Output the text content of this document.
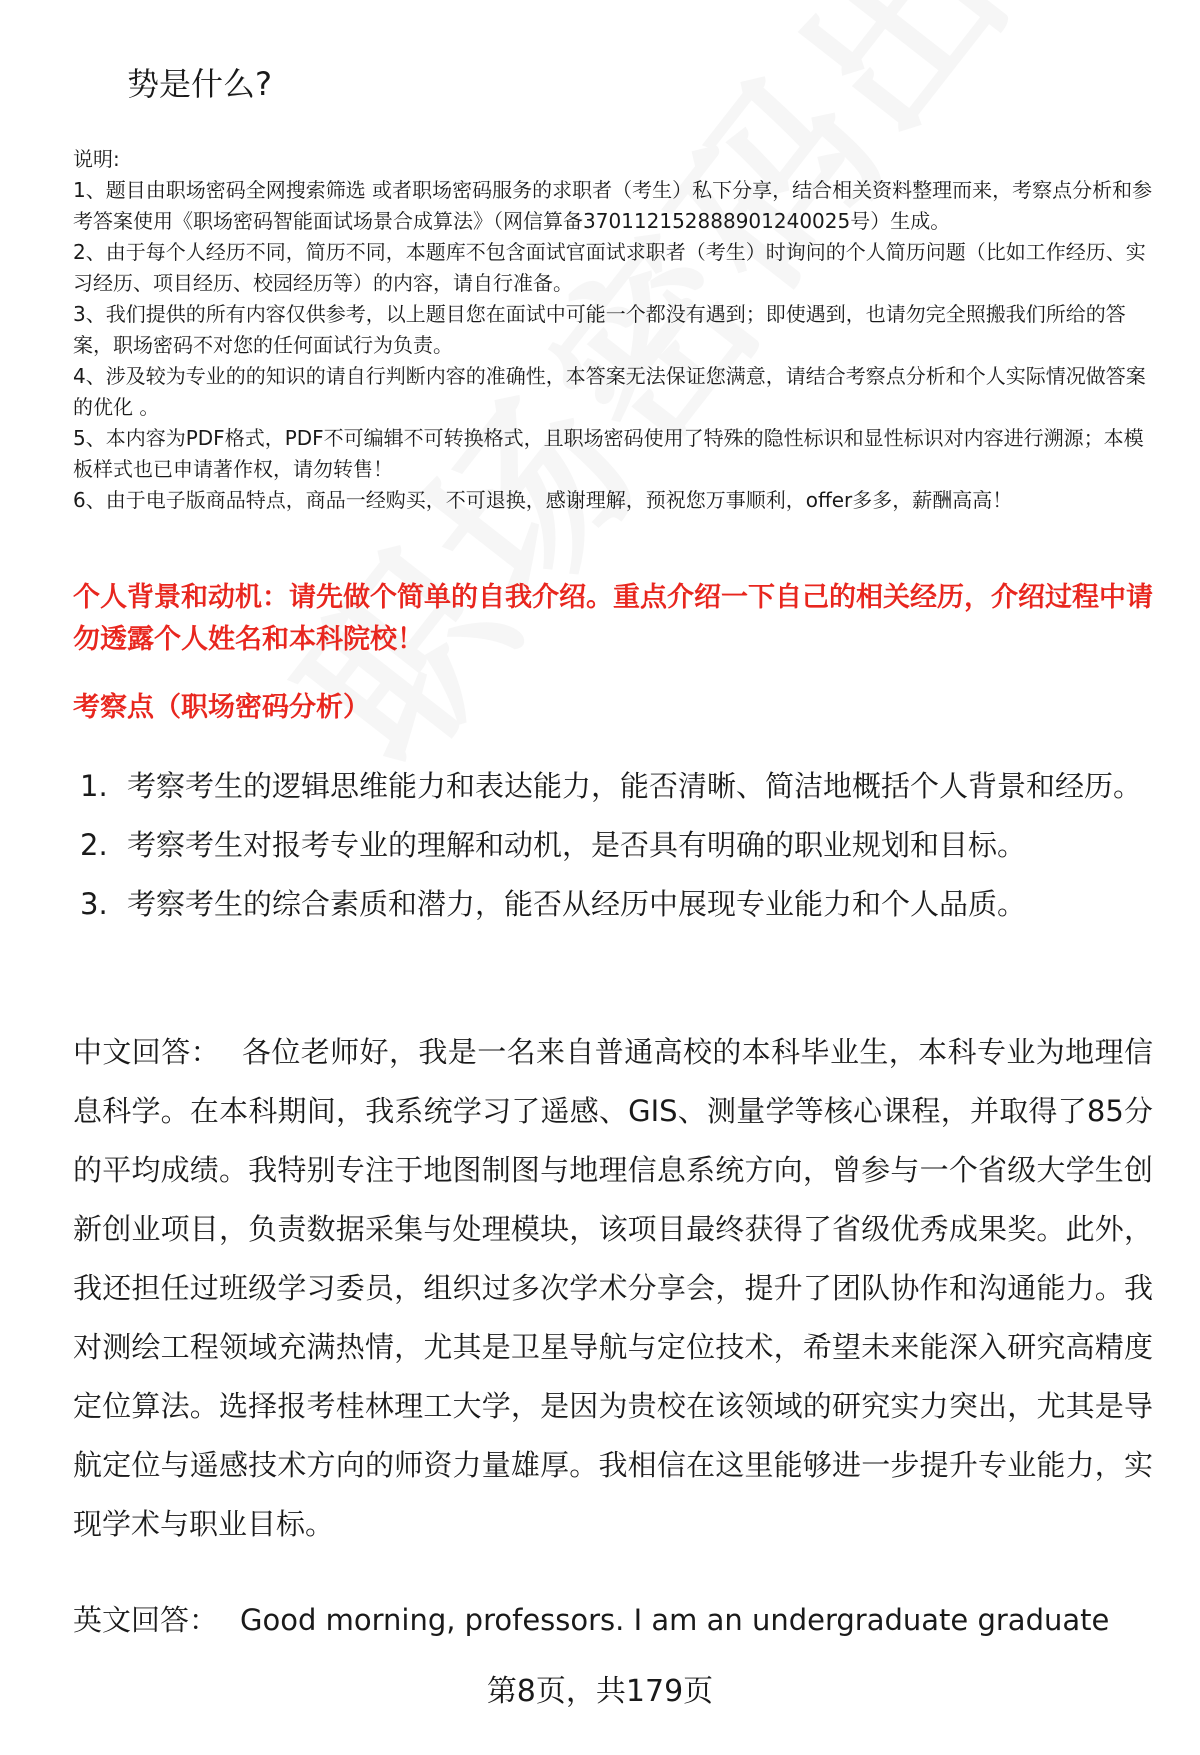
势是什么?

说明:

1、题目由职场密码全网搜索筛选 或者职场密码服务的求职者（考生）私下分享，结合相关资料整理而来，考察点分析和参考答案使用《职场密码智能面试场景合成算法》（网信算备370112152888901240025号）生成。

2、由于每个人经历不同，简历不同，本题库不包含面试官面试求职者（考生）时询问的个人简历问题（比如工作经历、实习经历、项目经历、校园经历等）的内容，请自行准备。

3、我们提供的所有内容仅供参考，以上题目您在面试中可能一个都没有遇到；即使遇到，也请勿完全照搬我们所给的答案，职场密码不对您的任何面试行为负责。

4、涉及较为专业的的知识的请自行判断内容的准确性，本答案无法保证您满意，请结合考察点分析和个人实际情况做答案的优化 。

5、本内容为PDF格式，PDF不可编辑不可转换格式，且职场密码使用了特殊的隐性标识和显性标识对内容进行溯源；本模板样式也已申请著作权，请勿转售！

6、由于电子版商品特点，商品一经购买，不可退换，感谢理解，预祝您万事顺利，offer多多，薪酬高高！

个人背景和动机：请先做个简单的自我介绍。重点介绍一下自己的相关经历，介绍过程中请勿透露个人姓名和本科院校！
考察点（职场密码分析）
1. 考察考生的逻辑思维能力和表达能力，能否清晰、简洁地概括个人背景和经历。
2. 考察考生对报考专业的理解和动机，是否具有明确的职业规划和目标。
3. 考察考生的综合素质和潜力，能否从经历中展现专业能力和个人品质。

中文回答： 各位老师好，我是一名来自普通高校的本科毕业生，本科专业为地理信息科学。在本科期间，我系统学习了遥感、GIS、测量学等核心课程，并取得了85分的平均成绩。我特别专注于地图制图与地理信息系统方向，曾参与一个省级大学生创新创业项目，负责数据采集与处理模块，该项目最终获得了省级优秀成果奖。此外，我还担任过班级学习委员，组织过多次学术分享会，提升了团队协作和沟通能力。我对测绘工程领域充满热情，尤其是卫星导航与定位技术，希望未来能深入研究高精度定位算法。选择报考桂林理工大学，是因为贵校在该领域的研究实力突出，尤其是导航定位与遥感技术方向的师资力量雄厚。我相信在这里能够进一步提升专业能力，实现学术与职业目标。

英文回答： Good morning, professors. I am an undergraduate graduate

第8页，共179页
